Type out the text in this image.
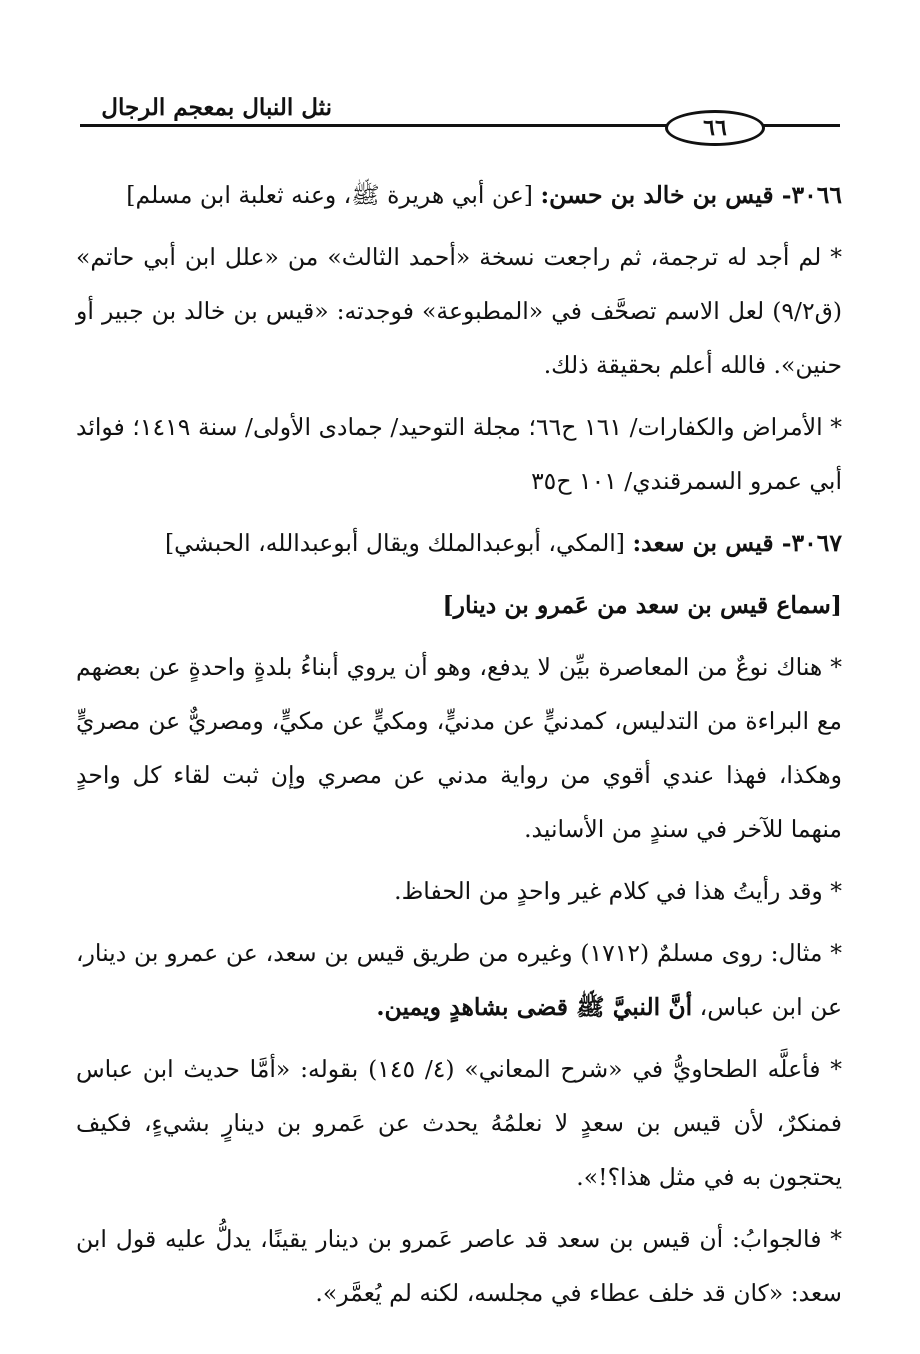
نثل النبال بمعجم الرجال
٦٦

٣٠٦٦- قيس بن خالد بن حسن: [عن أبي هريرة ﷺ، وعنه ثعلبة ابن مسلم]

* لم أجد له ترجمة، ثم راجعت نسخة «أحمد الثالث» من «علل ابن أبي حاتم» (ق٩/٢) لعل الاسم تصحَّف في «المطبوعة» فوجدته: «قيس بن خالد بن جبير أو حنين». فالله أعلم بحقيقة ذلك.

* الأمراض والكفارات/ ١٦١ ح٦٦؛ مجلة التوحيد/ جمادى الأولى/ سنة ١٤١٩؛ فوائد أبي عمرو السمرقندي/ ١٠١ ح٣٥

٣٠٦٧- قيس بن سعد: [المكي، أبوعبدالملك ويقال أبوعبدالله، الحبشي]

[سماع قيس بن سعد من عَمرو بن دينار]

* هناك نوعٌ من المعاصرة بيِّن لا يدفع، وهو أن يروي أبناءُ بلدةٍ واحدةٍ عن بعضهم مع البراءة من التدليس، كمدنيٍّ عن مدنيٍّ، ومكيٍّ عن مكيٍّ، ومصريٌّ عن مصريٍّ وهكذا، فهذا عندي أقوي من رواية مدني عن مصري وإن ثبت لقاء كل واحدٍ منهما للآخر في سندٍ من الأسانيد.

* وقد رأيتُ هذا في كلام غير واحدٍ من الحفاظ.

* مثال: روى مسلمٌ (١٧١٢) وغيره من طريق قيس بن سعد، عن عمرو بن دينار، عن ابن عباس، أنَّ النبيَّ ﷺ قضى بشاهدٍ ويمين.

* فأعلَّه الطحاويُّ في «شرح المعاني» (٤/ ١٤٥) بقوله: «أمَّا حديث ابن عباس فمنكرٌ، لأن قيس بن سعدٍ لا نعلمُهُ يحدث عن عَمرو بن دينارٍ بشيءٍ، فكيف يحتجون به في مثل هذا؟!».

* فالجوابُ: أن قيس بن سعد قد عاصر عَمرو بن دينار يقينًا، يدلُّ عليه قول ابن سعد: «كان قد خلف عطاء في مجلسه، لكنه لم يُعمَّر».
